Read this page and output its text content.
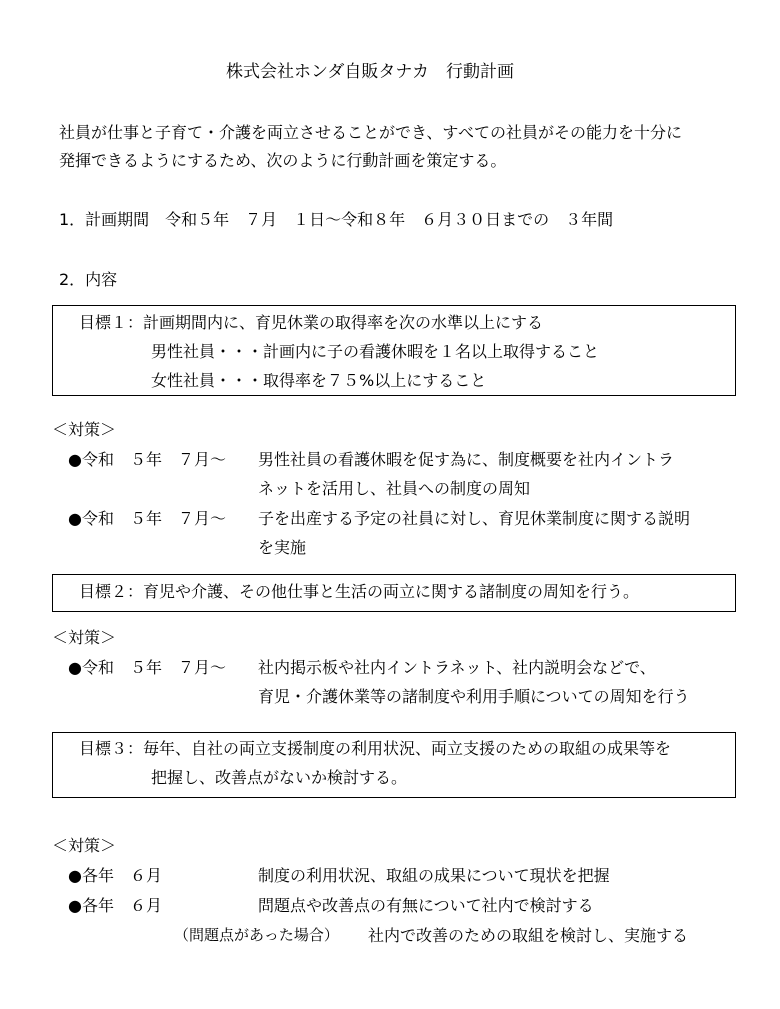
株式会社ホンダ自販タナカ　行動計画
社員が仕事と子育て・介護を両立させることができ、すべての社員がその能力を十分に
発揮できるようにするため、次のように行動計画を策定する。
1．計画期間　令和５年　７月　１日～令和８年　６月３０日までの　３年間
2．内容
目標１：計画期間内に、育児休業の取得率を次の水準以上にする
男性社員・・・計画内に子の看護休暇を１名以上取得すること
女性社員・・・取得率を７５%以上にすること
＜対策＞
●令和　５年　７月～ 男性社員の看護休暇を促す為に、制度概要を社内イントラ
ネットを活用し、社員への制度の周知
●令和　５年　７月～ 子を出産する予定の社員に対し、育児休業制度に関する説明
を実施
目標２：育児や介護、その他仕事と生活の両立に関する諸制度の周知を行う。
＜対策＞
●令和　５年　７月～ 社内掲示板や社内イントラネット、社内説明会などで、
育児・介護休業等の諸制度や利用手順についての周知を行う
目標３：毎年、自社の両立支援制度の利用状況、両立支援のための取組の成果等を
把握し、改善点がないか検討する。
＜対策＞
●各年　６月	制度の利用状況、取組の成果について現状を把握
●各年　６月	問題点や改善点の有無について社内で検討する
（問題点があった場合） 社内で改善のための取組を検討し、実施する
